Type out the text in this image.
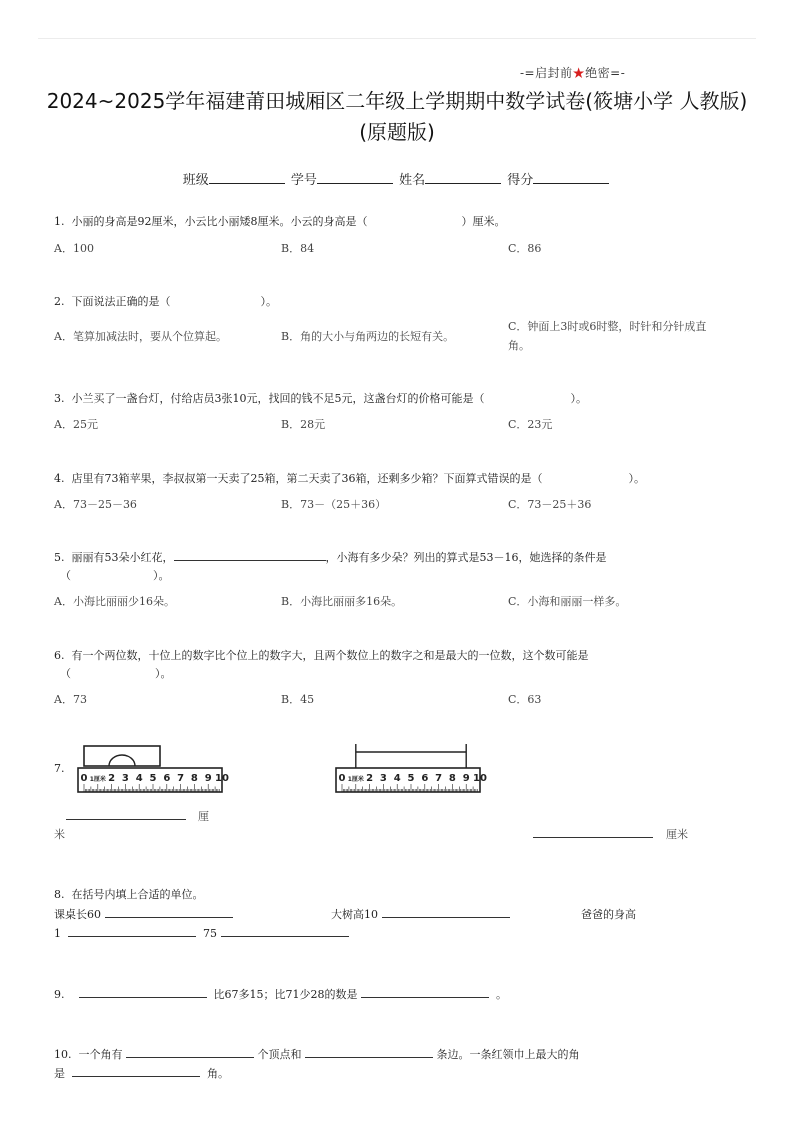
-=启封前★绝密=-
2024~2025学年福建莆田城厢区二年级上学期期中数学试卷(筱塘小学 人教版)
(原题版)
班级	学号	姓名	得分
1. 小丽的身高是92厘米，小云比小丽矮8厘米。小云的身高是（	）厘米。
A．100	B．84	C．86
2. 下面说法正确的是（	）。
A．笔算加减法时，要从个位算起。	B．角的大小与角两边的长短有关。
C．钟面上3时或6时整，时针和分针成直
角。
3. 小兰买了一盏台灯，付给店员3张10元，找回的钱不足5元，这盏台灯的价格可能是（	）。
A．25元	B．28元	C．23元
4. 店里有73箱苹果，李叔叔第一天卖了25箱，第二天卖了36箱，还剩多少箱？下面算式错误的是（	）。
A．73－25－36	B．73－（25＋36）	C．73－25＋36
5. 丽丽有53朵小红花，	，小海有多少朵？列出的算式是53－16，她选择的条件是
（	）。
A．小海比丽丽少16朵。	B．小海比丽丽多16朵。	C．小海和丽丽一样多。
6. 有一个两位数，十位上的数字比个位上的数字大，且两个数位上的数字之和是最大的一位数，这个数可能是
（	）。
A．73	B．45	C．63
7.
0 1厘米 2 3 4 5 6 7 8 9 10	0 1厘米 2 3 4 5 6 7 8 9 10
厘
米	厘米
8. 在括号内填上合适的单位。
课桌长60	大树高10	爸爸的身高
1	75
9.	比67多15；比71少28的数是	。
10. 一个角有	个顶点和	条边。一条红领巾上最大的角
是	角。
